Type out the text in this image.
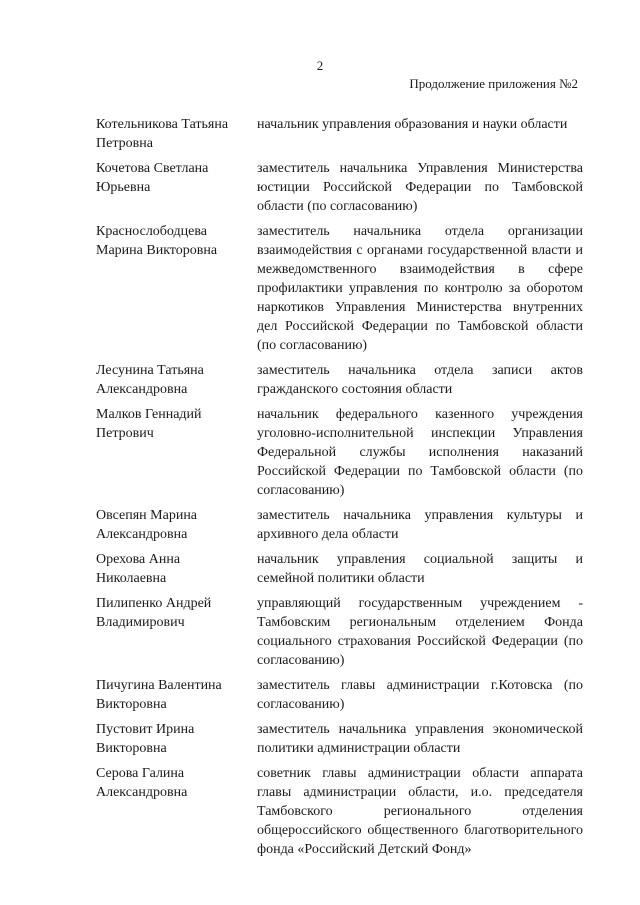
2
Продолжение приложения №2
Котельникова Татьяна Петровна
начальник управления образования и науки области
Кочетова Светлана Юрьевна
заместитель начальника Управления Министерства юстиции Российской Федерации по Тамбовской области (по согласованию)
Краснослободцева Марина Викторовна
заместитель начальника отдела организации взаимодействия с органами государственной власти и межведомственного взаимодействия в сфере профилактики управления по контролю за оборотом наркотиков Управления Министерства внутренних дел Российской Федерации по Тамбовской области (по согласованию)
Лесунина Татьяна Александровна
заместитель начальника отдела записи актов гражданского состояния области
Малков Геннадий Петрович
начальник федерального казенного учреждения уголовно-исполнительной инспекции Управления Федеральной службы исполнения наказаний Российской Федерации по Тамбовской области (по согласованию)
Овсепян Марина Александровна
заместитель начальника управления культуры и архивного дела области
Орехова Анна Николаевна
начальник управления социальной защиты и семейной политики области
Пилипенко Андрей Владимирович
управляющий государственным учреждением - Тамбовским региональным отделением Фонда социального страхования Российской Федерации (по согласованию)
Пичугина Валентина Викторовна
заместитель главы администрации г.Котовска (по согласованию)
Пустовит Ирина Викторовна
заместитель начальника управления экономической политики администрации области
Серова Галина Александровна
советник главы администрации области аппарата главы администрации области, и.о. председателя Тамбовского регионального отделения общероссийского общественного благотворительного фонда «Российский Детский Фонд»
